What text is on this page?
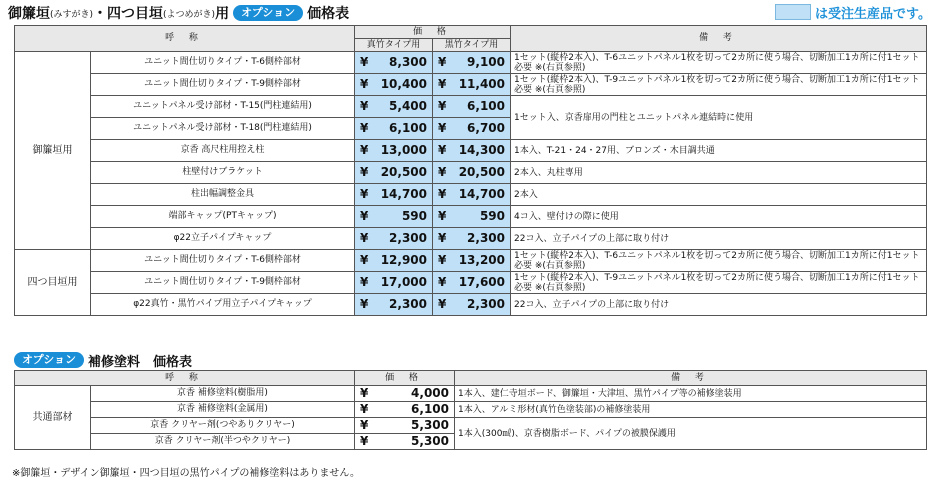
御簾垣 (みすがき) ・ 四つ目垣 (よつめがき) 用	オプション 価格表	は受注生産品です。
呼 称		価 格		備 考
		真竹タイプ用	黒竹タイプ用	
御簾垣用	ユニット間仕切りタイプ・T-6側枠部材	¥ 8,300	¥ 9,100	1セット(縦枠2本入)、T-6ユニットパネル1枚を切って2カ所に使う場合、切断加工1カ所に付1セット必要 ※(右頁参照)
	ユニット間仕切りタイプ・T-9側枠部材	¥ 10,400	¥ 11,400	1セット(縦枠2本入)、T-9ユニットパネル1枚を切って2カ所に使う場合、切断加工1カ所に付1セット必要 ※(右頁参照)
	ユニットパネル受け部材・T-15(門柱連結用)	¥ 5,400	¥ 6,100	1セット入、京香扉用の門柱とユニットパネル連結時に使用
	ユニットパネル受け部材・T-18(門柱連結用)	¥ 6,100	¥ 6,700	

	京香 高尺柱用控え柱	¥ 13,000	¥ 14,300	1本入、T-21・24・27用、ブロンズ・木目調共通
	柱壁付けブラケット	¥ 20,500	¥ 20,500	2本入、丸柱専用
	柱出幅調整金具	¥ 14,700	¥ 14,700	2本入
	端部キャップ(PTキャップ)	¥ 590	¥ 590	4コ入、壁付けの際に使用
	φ22立子パイプキャップ	¥ 2,300	¥ 2,300	22コ入、立子パイプの上部に取り付け
四つ目垣用	ユニット間仕切りタイプ・T-6側枠部材	¥ 12,900	¥ 13,200	1セット(縦枠2本入)、T-6ユニットパネル1枚を切って2カ所に使う場合、切断加工1カ所に付1セット必要 ※(右頁参照)
	ユニット間仕切りタイプ・T-9側枠部材	¥ 17,000	¥ 17,600	1セット(縦枠2本入)、T-9ユニットパネル1枚を切って2カ所に使う場合、切断加工1カ所に付1セット必要 ※(右頁参照)
	φ22真竹・黒竹パイプ用立子パイプキャップ	¥ 2,300	¥ 2,300	22コ入、立子パイプの上部に取り付け
オプション 補修塗料　価格表
呼 称		価 格	備 考
共通部材	京香 補修塗料(樹脂用)	¥ 4,000	1本入、建仁寺垣ボード、御簾垣・大津垣、黒竹パイプ等の補修塗装用
	京香 補修塗料(金属用)	¥ 6,100	1本入、アルミ形材(真竹色塗装部)の補修塗装用
	京香 クリヤー剤(つやありクリヤー)	¥ 5,300	1本入(300㎖)、京香樹脂ボード、パイプの被膜保護用
	京香 クリヤー剤(半つやクリヤー)	¥ 5,300	
※御簾垣・デザイン御簾垣・四つ目垣の黒竹パイプの補修塗料はありません。
